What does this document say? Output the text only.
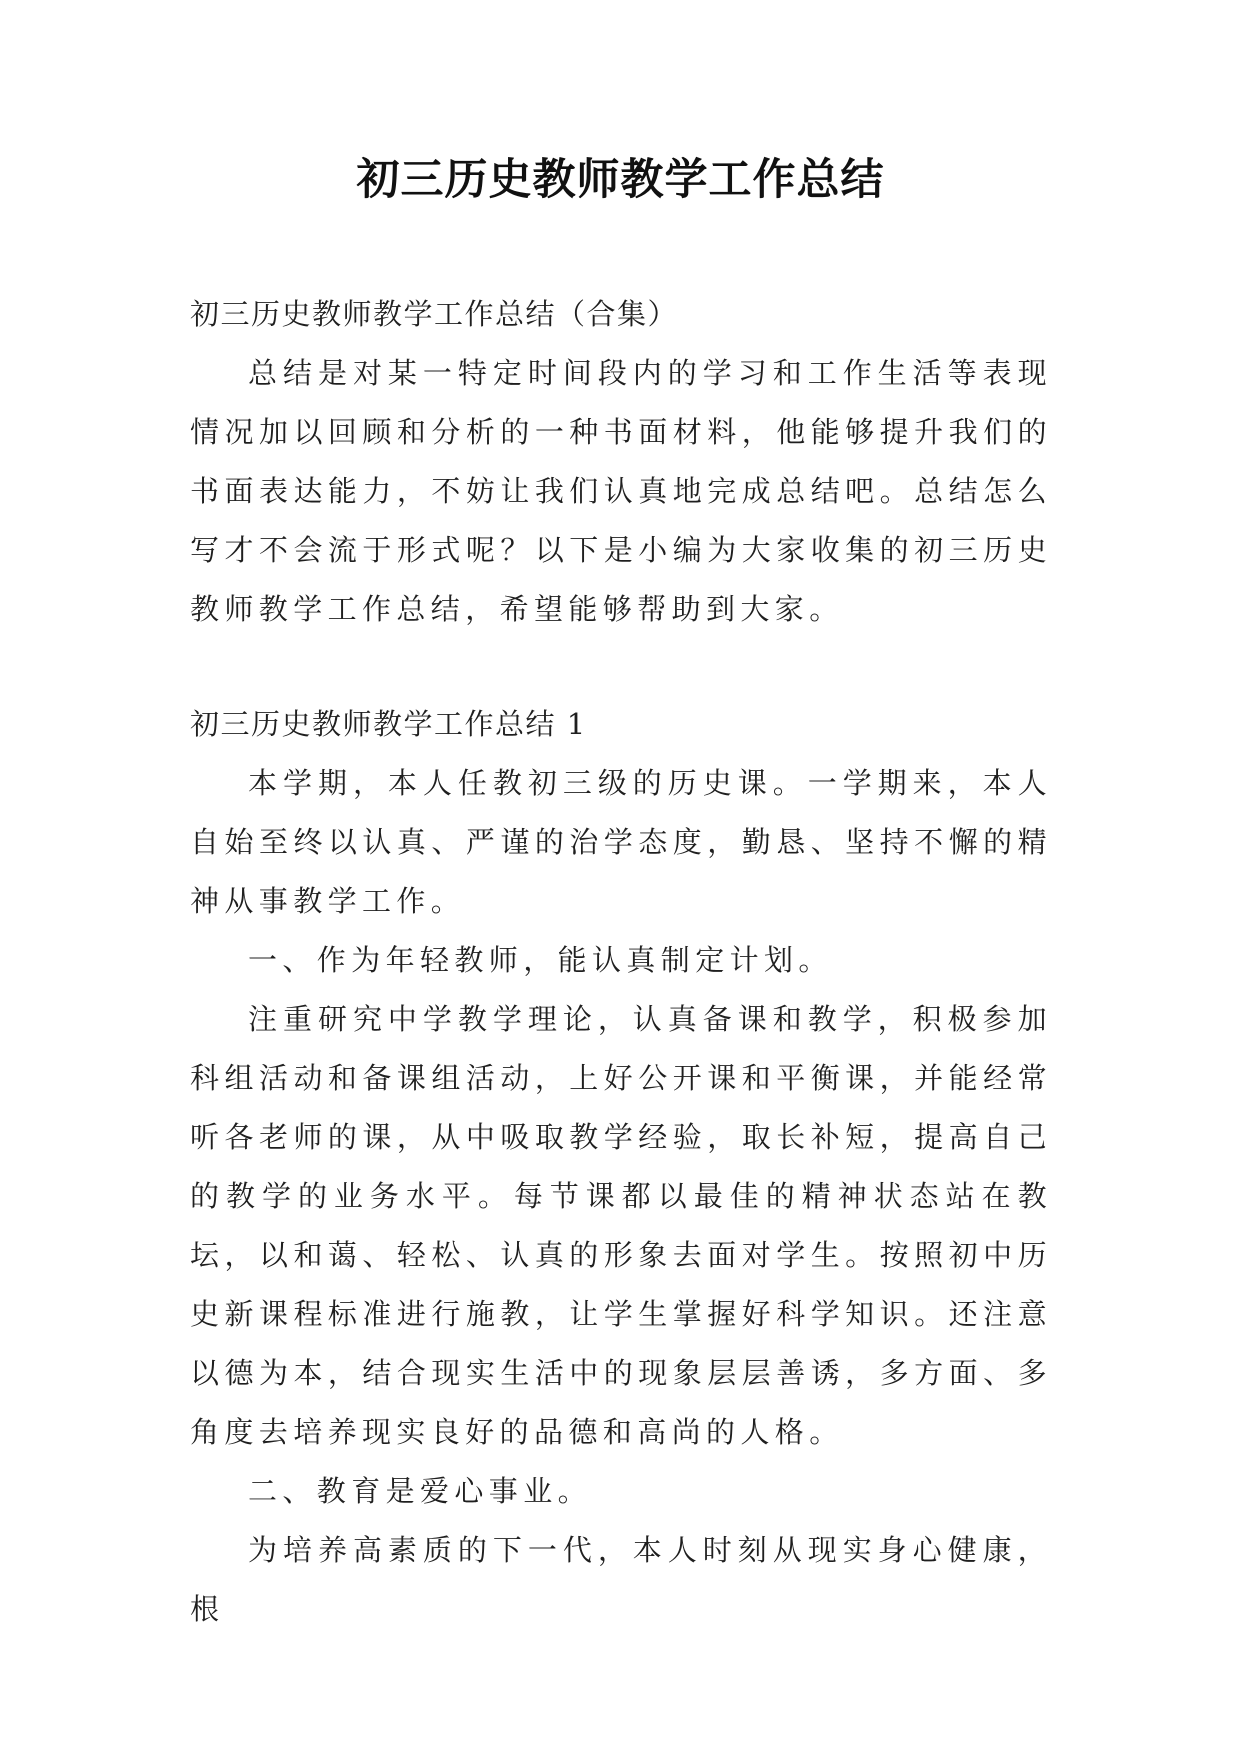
初三历史教师教学工作总结

初三历史教师教学工作总结（合集）

总结是对某一特定时间段内的学习和工作生活等表现情况加以回顾和分析的一种书面材料，他能够提升我们的书面表达能力，不妨让我们认真地完成总结吧。总结怎么写才不会流于形式呢？以下是小编为大家收集的初三历史教师教学工作总结，希望能够帮助到大家。

初三历史教师教学工作总结 1

本学期，本人任教初三级的历史课。一学期来，本人自始至终以认真、严谨的治学态度，勤恳、坚持不懈的精神从事教学工作。

一、作为年轻教师，能认真制定计划。

注重研究中学教学理论，认真备课和教学，积极参加科组活动和备课组活动，上好公开课和平衡课，并能经常听各老师的课，从中吸取教学经验，取长补短，提高自己的教学的业务水平。每节课都以最佳的精神状态站在教坛，以和蔼、轻松、认真的形象去面对学生。按照初中历史新课程标准进行施教，让学生掌握好科学知识。还注意以德为本，结合现实生活中的现象层层善诱，多方面、多角度去培养现实良好的品德和高尚的人格。

二、教育是爱心事业。

为培养高素质的下一代，本人时刻从现实身心健康，根
